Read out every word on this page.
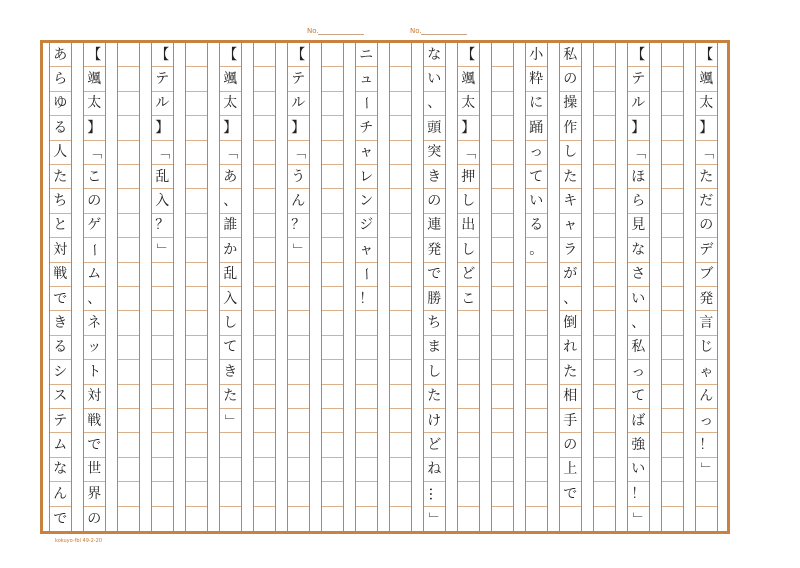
No.	No.
【
颯
太
】
「
た
だ
の
デ
ブ
発
言
じ
ゃ
ん
っ
！
」
【
テ
ル
】
「
ほ
ら
見
な
さ
い
、
私
っ
て
ば
強
い
！
」
私
の
操
作
し
た
キ
ャ
ラ
が
、
倒
れ
た
相
手
の
上
で
小
粋
に
踊
っ
て
い
る
。
【
颯
太
】
「
押
し
出
し
ど
こ
な
い
、
頭
突
き
の
連
発
で
勝
ち
ま
し
た
け
ど
ね
…
」
ニ
ュ
ー
チ
ャ
レ
ン
ジ
ャ
ー
！
【
テ
ル
】
「
う
ん
？
」
【
颯
太
】
「
あ
、
誰
か
乱
入
し
て
き
た
」
【
テ
ル
】
「
乱
入
？
」
【
颯
太
】
「
こ
の
ゲ
ー
ム
、
ネ
ッ
ト
対
戦
で
世
界
の
あ
ら
ゆ
る
人
た
ち
と
対
戦
で
き
る
シ
ス
テ
ム
な
ん
で
kokuyo-fbl 49-2-20
